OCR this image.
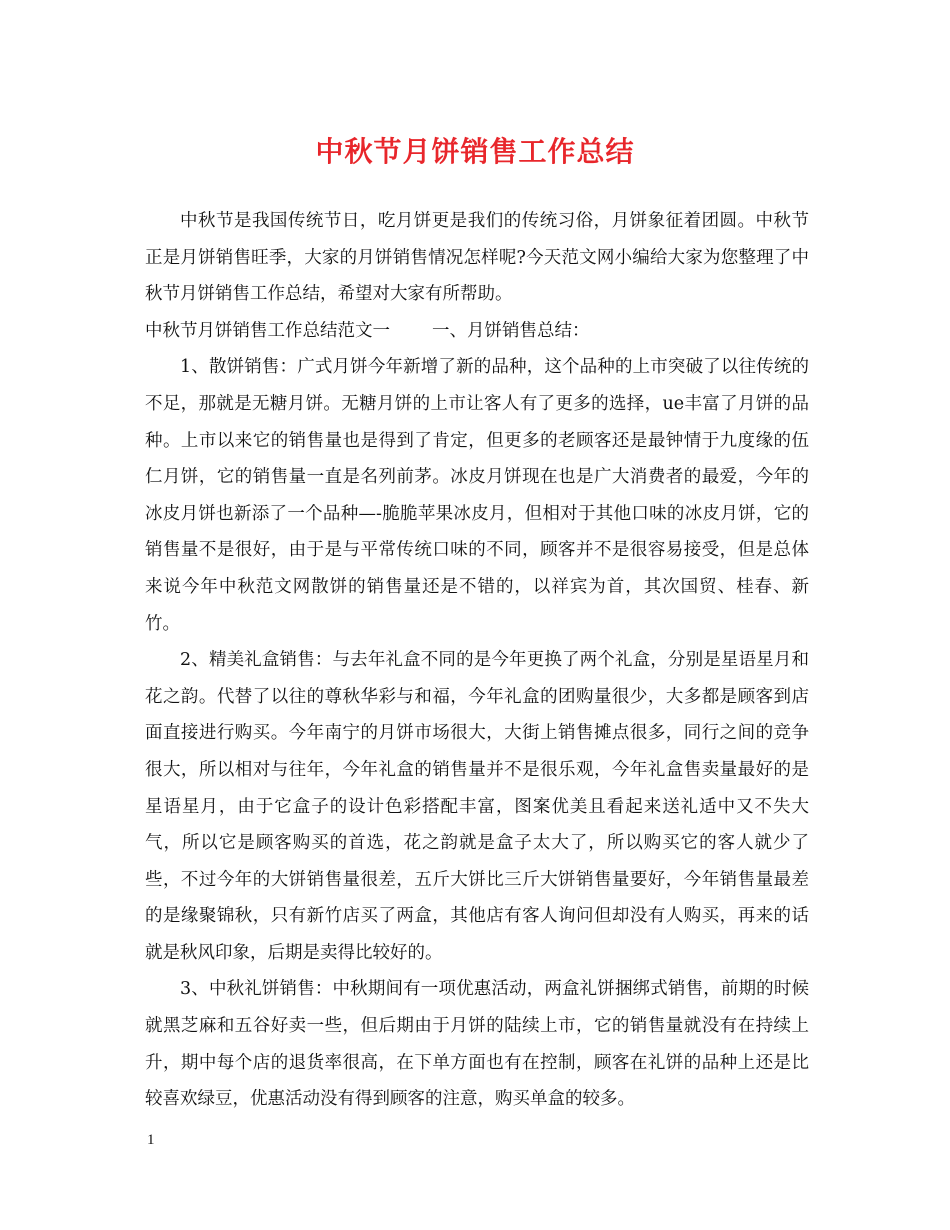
中秋节月饼销售工作总结

中秋节是我国传统节日，吃月饼更是我们的传统习俗，月饼象征着团圆。中秋节正是月饼销售旺季，大家的月饼销售情况怎样呢?今天范文网小编给大家为您整理了中秋节月饼销售工作总结，希望对大家有所帮助。

中秋节月饼销售工作总结范文一 一、月饼销售总结：

1、散饼销售：广式月饼今年新增了新的品种，这个品种的上市突破了以往传统的不足，那就是无糖月饼。无糖月饼的上市让客人有了更多的选择，ue丰富了月饼的品种。上市以来它的销售量也是得到了肯定，但更多的老顾客还是最钟情于九度缘的伍仁月饼，它的销售量一直是名列前茅。冰皮月饼现在也是广大消费者的最爱，今年的冰皮月饼也新添了一个品种—-脆脆苹果冰皮月，但相对于其他口味的冰皮月饼，它的销售量不是很好，由于是与平常传统口味的不同，顾客并不是很容易接受，但是总体来说今年中秋范文网散饼的销售量还是不错的，以祥宾为首，其次国贸、桂春、新竹。

2、精美礼盒销售：与去年礼盒不同的是今年更换了两个礼盒，分别是星语星月和花之韵。代替了以往的尊秋华彩与和福，今年礼盒的团购量很少，大多都是顾客到店面直接进行购买。今年南宁的月饼市场很大，大街上销售摊点很多，同行之间的竞争很大，所以相对与往年，今年礼盒的销售量并不是很乐观，今年礼盒售卖量最好的是星语星月，由于它盒子的设计色彩搭配丰富，图案优美且看起来送礼适中又不失大气，所以它是顾客购买的首选，花之韵就是盒子太大了，所以购买它的客人就少了些，不过今年的大饼销售量很差，五斤大饼比三斤大饼销售量要好，今年销售量最差的是缘聚锦秋，只有新竹店买了两盒，其他店有客人询问但却没有人购买，再来的话就是秋风印象，后期是卖得比较好的。

3、中秋礼饼销售：中秋期间有一项优惠活动，两盒礼饼捆绑式销售，前期的时候就黑芝麻和五谷好卖一些，但后期由于月饼的陆续上市，它的销售量就没有在持续上升，期中每个店的退货率很高，在下单方面也有在控制，顾客在礼饼的品种上还是比较喜欢绿豆，优惠活动没有得到顾客的注意，购买单盒的较多。

1
